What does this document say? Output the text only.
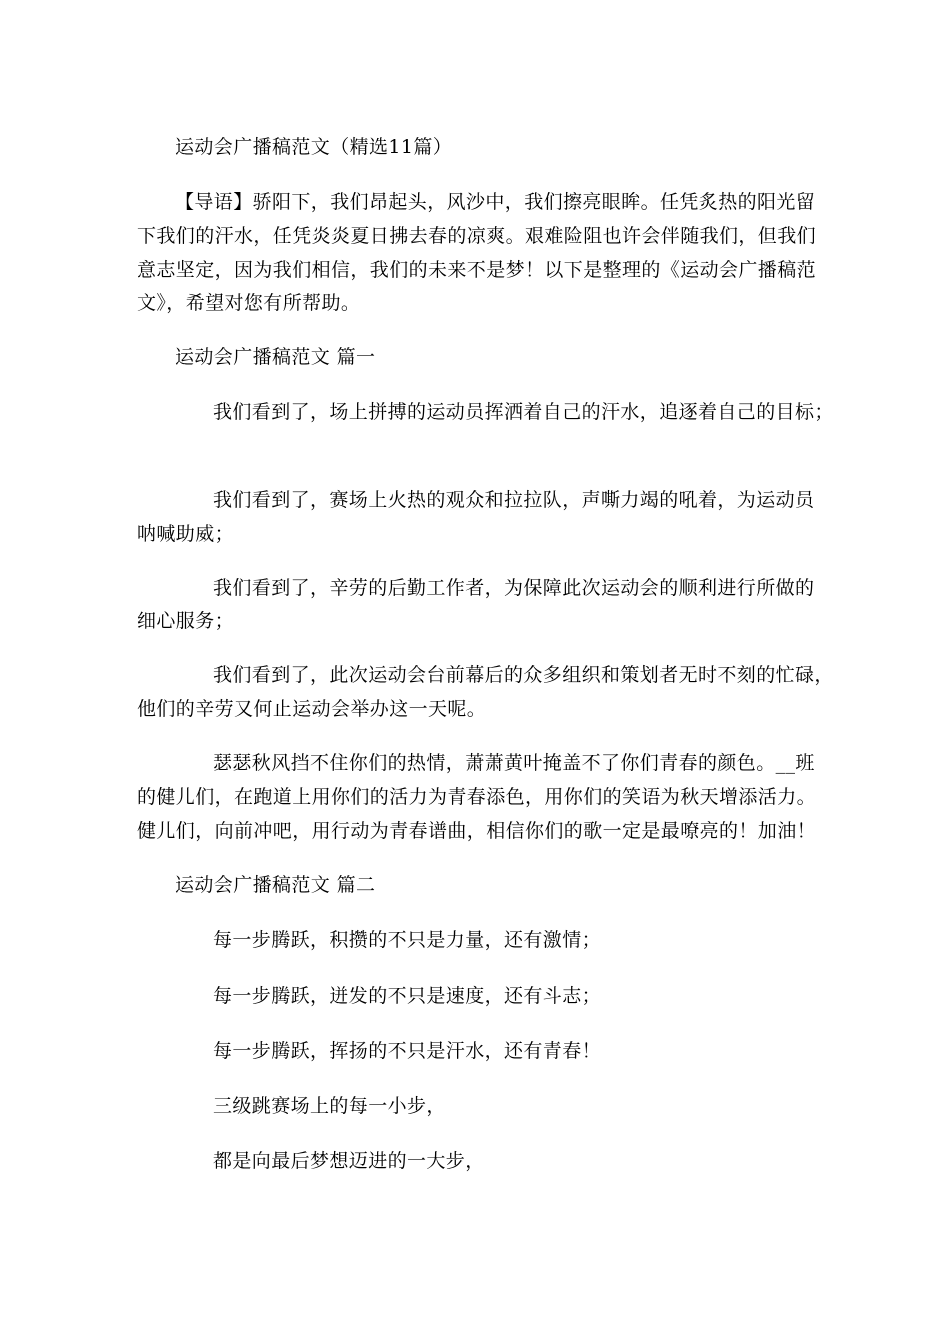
运动会广播稿范文（精选11篇）

【导语】骄阳下，我们昂起头，风沙中，我们擦亮眼眸。任凭炙热的阳光留

下我们的汗水，任凭炎炎夏日拂去春的凉爽。艰难险阻也许会伴随我们，但我们

意志坚定，因为我们相信，我们的未来不是梦！以下是整理的《运动会广播稿范

文》，希望对您有所帮助。

运动会广播稿范文 篇一

我们看到了，场上拼搏的运动员挥洒着自己的汗水，追逐着自己的目标；

我们看到了，赛场上火热的观众和拉拉队，声嘶力竭的吼着，为运动员

呐喊助威；

我们看到了，辛劳的后勤工作者，为保障此次运动会的顺利进行所做的

细心服务；

我们看到了，此次运动会台前幕后的众多组织和策划者无时不刻的忙碌，

他们的辛劳又何止运动会举办这一天呢。

瑟瑟秋风挡不住你们的热情，萧萧黄叶掩盖不了你们青春的颜色。__班

的健儿们，在跑道上用你们的活力为青春添色，用你们的笑语为秋天增添活力。

健儿们，向前冲吧，用行动为青春谱曲，相信你们的歌一定是最嘹亮的！加油！

运动会广播稿范文 篇二

每一步腾跃，积攒的不只是力量，还有激情；

每一步腾跃，迸发的不只是速度，还有斗志；

每一步腾跃，挥扬的不只是汗水，还有青春！

三级跳赛场上的每一小步，

都是向最后梦想迈进的一大步，
